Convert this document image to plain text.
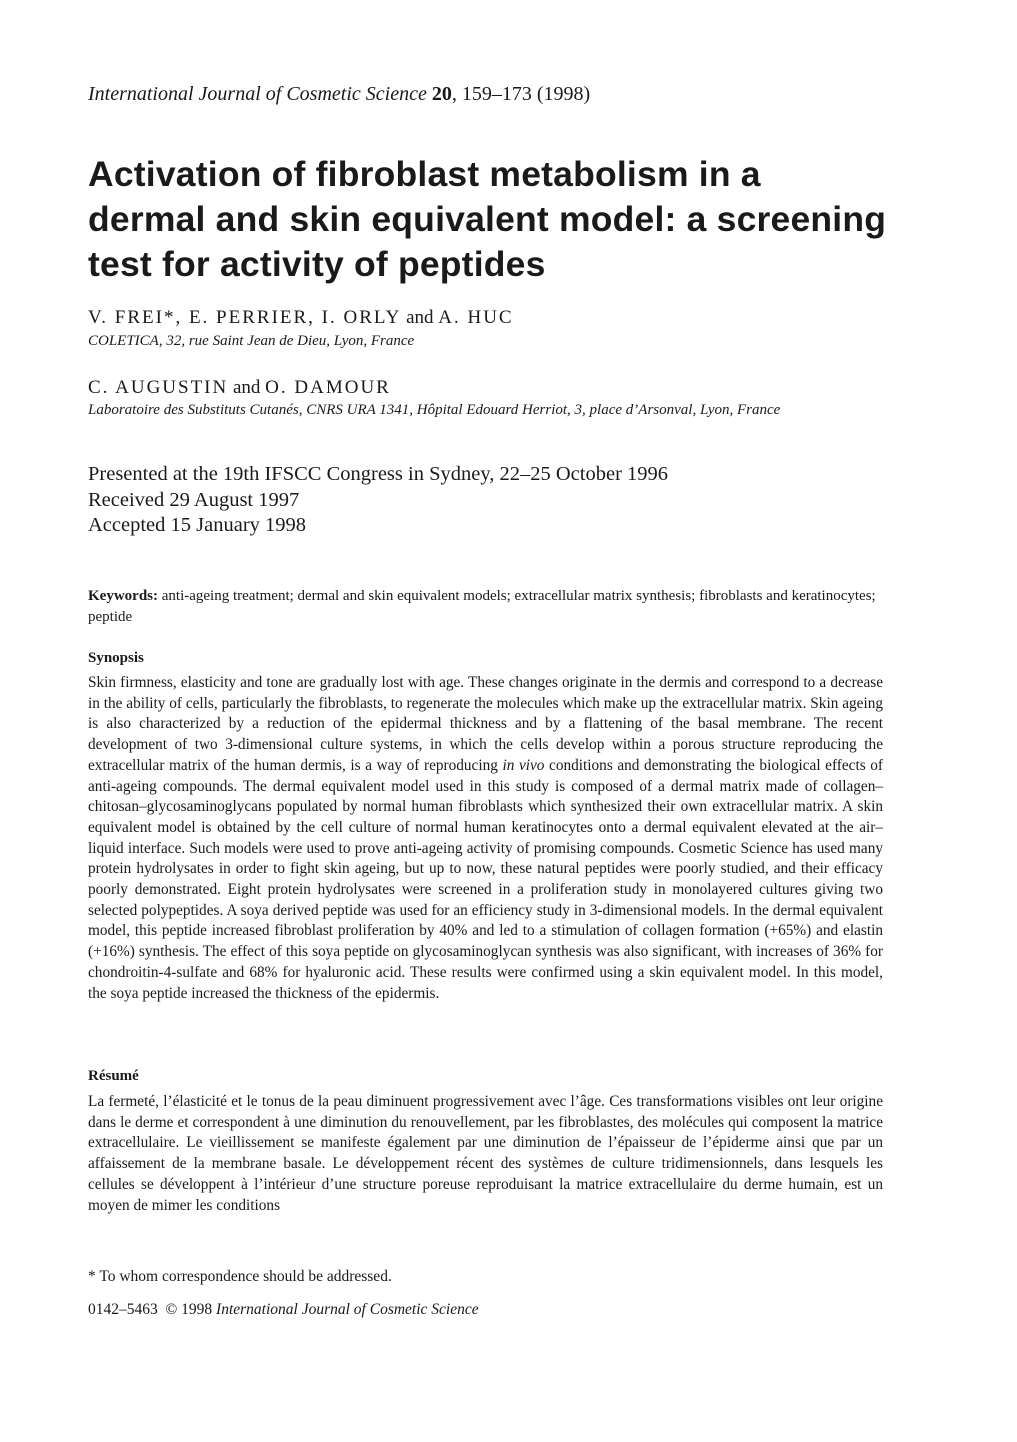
International Journal of Cosmetic Science 20, 159–173 (1998)
Activation of fibroblast metabolism in a dermal and skin equivalent model: a screening test for activity of peptides
V. FREI*, E. PERRIER, I. ORLY and A. HUC
COLETICA, 32, rue Saint Jean de Dieu, Lyon, France
C. AUGUSTIN and O. DAMOUR
Laboratoire des Substituts Cutanés, CNRS URA 1341, Hôpital Edouard Herriot, 3, place d’Arsonval, Lyon, France
Presented at the 19th IFSCC Congress in Sydney, 22–25 October 1996
Received 29 August 1997
Accepted 15 January 1998
Keywords: anti-ageing treatment; dermal and skin equivalent models; extracellular matrix synthesis; fibroblasts and keratinocytes; peptide
Synopsis

Skin firmness, elasticity and tone are gradually lost with age. These changes originate in the dermis and correspond to a decrease in the ability of cells, particularly the fibroblasts, to regenerate the molecules which make up the extracellular matrix. Skin ageing is also characterized by a reduction of the epidermal thickness and by a flattening of the basal membrane. The recent development of two 3-dimensional culture systems, in which the cells develop within a porous structure reproducing the extracellular matrix of the human dermis, is a way of reproducing in vivo conditions and demonstrating the biological effects of anti-ageing compounds. The dermal equivalent model used in this study is composed of a dermal matrix made of collagen–chitosan–glycosaminoglycans populated by normal human fibroblasts which synthesized their own extracellular matrix. A skin equivalent model is obtained by the cell culture of normal human keratinocytes onto a dermal equivalent elevated at the air–liquid interface. Such models were used to prove anti-ageing activity of promising compounds. Cosmetic Science has used many protein hydrolysates in order to fight skin ageing, but up to now, these natural peptides were poorly studied, and their efficacy poorly demonstrated. Eight protein hydrolysates were screened in a proliferation study in monolayered cultures giving two selected polypeptides. A soya derived peptide was used for an efficiency study in 3-dimensional models. In the dermal equivalent model, this peptide increased fibroblast proliferation by 40% and led to a stimulation of collagen formation (+65%) and elastin (+16%) synthesis. The effect of this soya peptide on glycosaminoglycan synthesis was also significant, with increases of 36% for chondroitin-4-sulfate and 68% for hyaluronic acid. These results were confirmed using a skin equivalent model. In this model, the soya peptide increased the thickness of the epidermis.

Résumé

La fermeté, l’élasticité et le tonus de la peau diminuent progressivement avec l’âge. Ces transformations visibles ont leur origine dans le derme et correspondent à une diminution du renouvellement, par les fibroblastes, des molécules qui composent la matrice extracellulaire. Le vieillissement se manifeste également par une diminution de l’épaisseur de l’épiderme ainsi que par un affaissement de la membrane basale. Le développement récent des systèmes de culture tridimensionnels, dans lesquels les cellules se développent à l’intérieur d’une structure poreuse reproduisant la matrice extracellulaire du derme humain, est un moyen de mimer les conditions

* To whom correspondence should be addressed.
0142–5463 © 1998 International Journal of Cosmetic Science
